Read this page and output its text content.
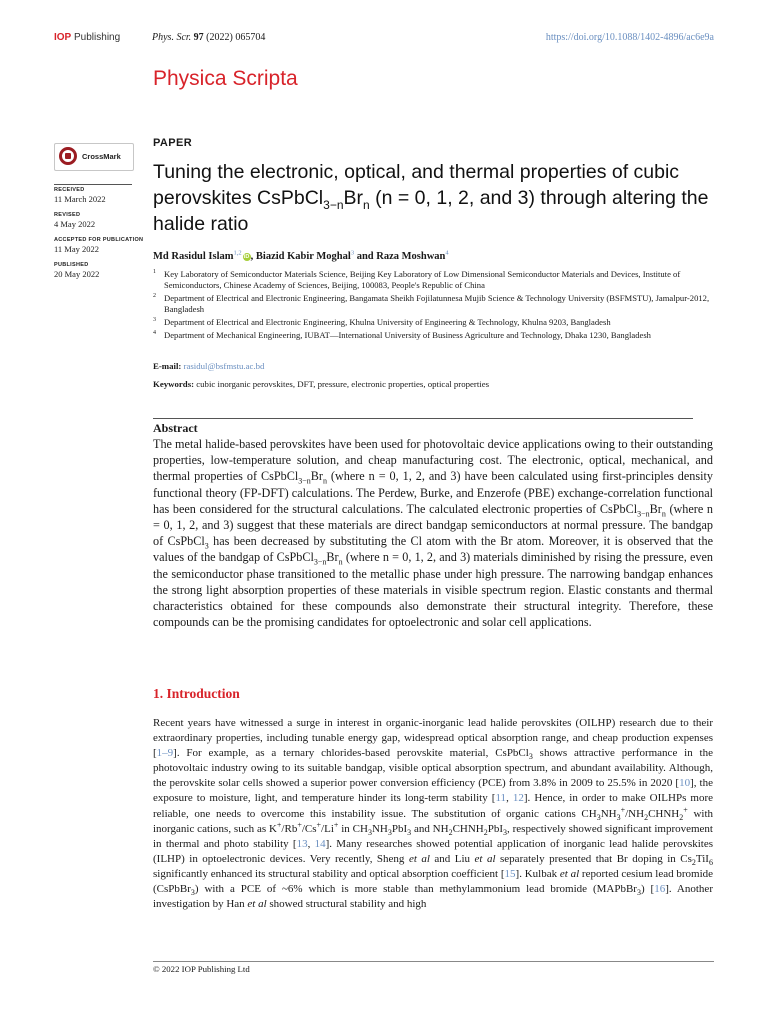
IOP Publishing	Phys. Scr. 97 (2022) 065704	https://doi.org/10.1088/1402-4896/ac6e9a
Physica Scripta
CrossMark
RECEIVED
11 March 2022
REVISED
4 May 2022
ACCEPTED FOR PUBLICATION
11 May 2022
PUBLISHED
20 May 2022
PAPER
Tuning the electronic, optical, and thermal properties of cubic
perovskites $CsPbCl_{3-n}Br_n$ (n = 0, 1, 2, and 3) through altering the
halide ratio
Md Rasidul Islam$^{1,2}$iD, Biazid Kabir Moghal$^3$ and Raza Moshwan$^4$
1 Key Laboratory of Semiconductor Materials Science, Beijing Key Laboratory of Low Dimensional Semiconductor Materials and Devices, Institute of Semiconductors, Chinese Academy of Sciences, Beijing, 100083, People's Republic of China
2 Department of Electrical and Electronic Engineering, Bangamata Sheikh Fojilatunnesa Mujib Science & Technology University (BSFMSTU), Jamalpur-2012, Bangladesh
3 Department of Electrical and Electronic Engineering, Khulna University of Engineering & Technology, Khulna 9203, Bangladesh
4 Department of Mechanical Engineering, IUBAT—International University of Business Agriculture and Technology, Dhaka 1230, Bangladesh
E-mail: rasidul@bsfmstu.ac.bd
Keywords: cubic inorganic perovskites, DFT, pressure, electronic properties, optical properties
Abstract

The metal halide-based perovskites have been used for photovoltaic device applications owing to their outstanding properties, low-temperature solution, and cheap manufacturing cost. The electronic, optical, mechanical, and thermal properties of $CsPbCl_{3-n}Br_n$ (where n = 0, 1, 2, and 3) have been calculated using first-principles density functional theory (FP-DFT) calculations. The Perdew, Burke, and Enzerofe (PBE) exchange-correlation functional has been considered for the structural calculations. The calculated electronic properties of $CsPbCl_{3-n}Br_n$ (where n = 0, 1, 2, and 3) suggest that these materials are direct bandgap semiconductors at normal pressure. The bandgap of CsPbCl$_3$ has been decreased by substituting the Cl atom with the Br atom. Moreover, it is observed that the values of the bandgap of $CsPbCl_{3-n}Br_n$ (where n = 0, 1, 2, and 3) materials diminished by rising the pressure, even the semiconductor phase transitioned to the metallic phase under high pressure. The narrowing bandgap enhances the strong light absorption properties of these materials in visible spectrum region. Elastic constants and thermal characteristics obtained for these compounds also demonstrate their structural integrity. Therefore, these compounds can be the promising candidates for optoelectronic and solar cell applications.

1. Introduction

Recent years have witnessed a surge in interest in organic-inorganic lead halide perovskites (OILHP) research due to their extraordinary properties, including tunable energy gap, widespread optical absorption range, and cheap production expenses [1–9]. For example, as a ternary chlorides-based perovskite material, CsPbCl$_3$ shows attractive performance in the photovoltaic industry owing to its suitable bandgap, visible optical absorption spectrum, and abundant availability. Although, the perovskite solar cells showed a superior power conversion efficiency (PCE) from 3.8% in 2009 to 25.5% in 2020 [10], the exposure to moisture, light, and temperature hinder its long-term stability [11, 12]. Hence, in order to make OILHPs more reliable, one needs to overcome this instability issue. The substitution of organic cations $CH_3NH_3^+/NH_2CHNH_2^+$ with inorganic cations, such as K+/Rb+/Cs+/Li+ in $CH_3NH_3PbI_3$ and $NH_2CHNH_2PbI_3$, respectively showed significant improvement in thermal and photo stability [13, 14]. Many researches showed potential application of inorganic lead halide perovskites (ILHP) in optoelectronic devices. Very recently, Sheng et al and Liu et al separately presented that Br doping in $Cs_2TiI_6$ significantly enhanced its structural stability and optical absorption coefficient [15]. Kulbak et al reported cesium lead bromide (CsPbBr$_3$) with a PCE of ~6% which is more stable than methylammonium lead bromide (MAPbBr$_3$) [16]. Another investigation by Han et al showed structural stability and high

© 2022 IOP Publishing Ltd
